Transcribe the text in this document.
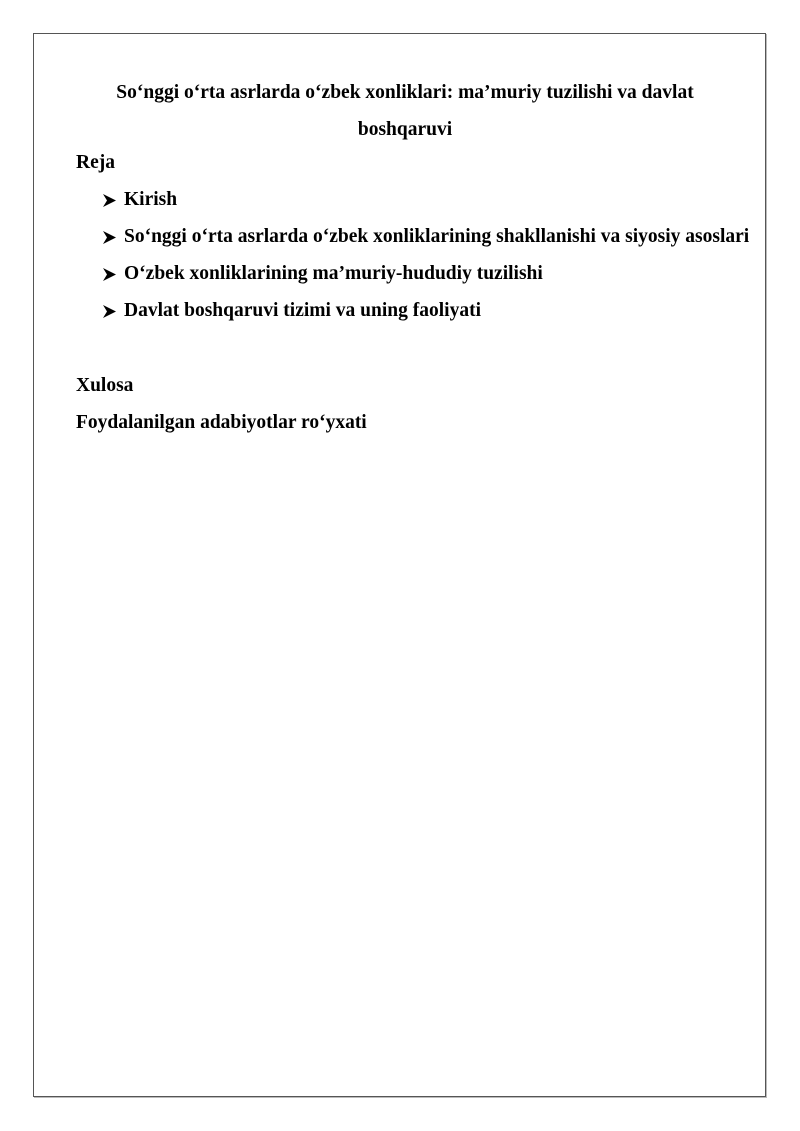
So‘nggi o‘rta asrlarda o‘zbek xonliklari: ma’muriy tuzilishi va davlat boshqaruvi
Reja
Kirish
So‘nggi o‘rta asrlarda o‘zbek xonliklarining shakllanishi va siyosiy asoslari
O‘zbek xonliklarining ma’muriy-hududiy tuzilishi
Davlat boshqaruvi tizimi va uning faoliyati
Xulosa
Foydalanilgan adabiyotlar ro‘yxati
